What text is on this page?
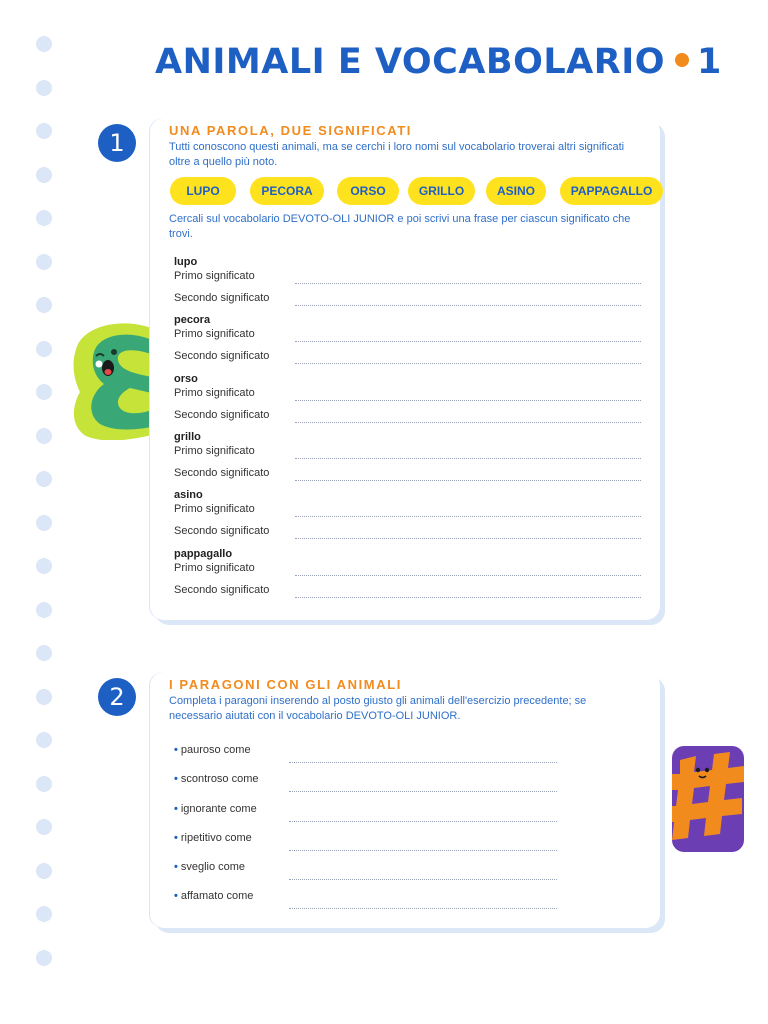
ANIMALI E VOCABOLARIO 1
1	UNA PAROLA, DUE SIGNIFICATI

Tutti conoscono questi animali, ma se cerchi i loro nomi sul vocabolario troverai altri significati oltre a quello più noto.

LUPO	PECORA	ORSO	GRILLO	ASINO	PAPPAGALLO

Cercali sul vocabolario DEVOTO-OLI JUNIOR e poi scrivi una frase per ciascun significato che trovi.

lupo
Primo significato
Secondo significato
pecora
Primo significato
Secondo significato
orso
Primo significato
Secondo significato
grillo
Primo significato
Secondo significato
asino
Primo significato
Secondo significato
pappagallo
Primo significato
Secondo significato
2	I PARAGONI CON GLI ANIMALI

Completa i paragoni inserendo al posto giusto gli animali dell'esercizio precedente; se necessario aiutati con il vocabolario DEVOTO-OLI JUNIOR.

• pauroso come
• scontroso come
• ignorante come
• ripetitivo come
• sveglio come
• affamato come
